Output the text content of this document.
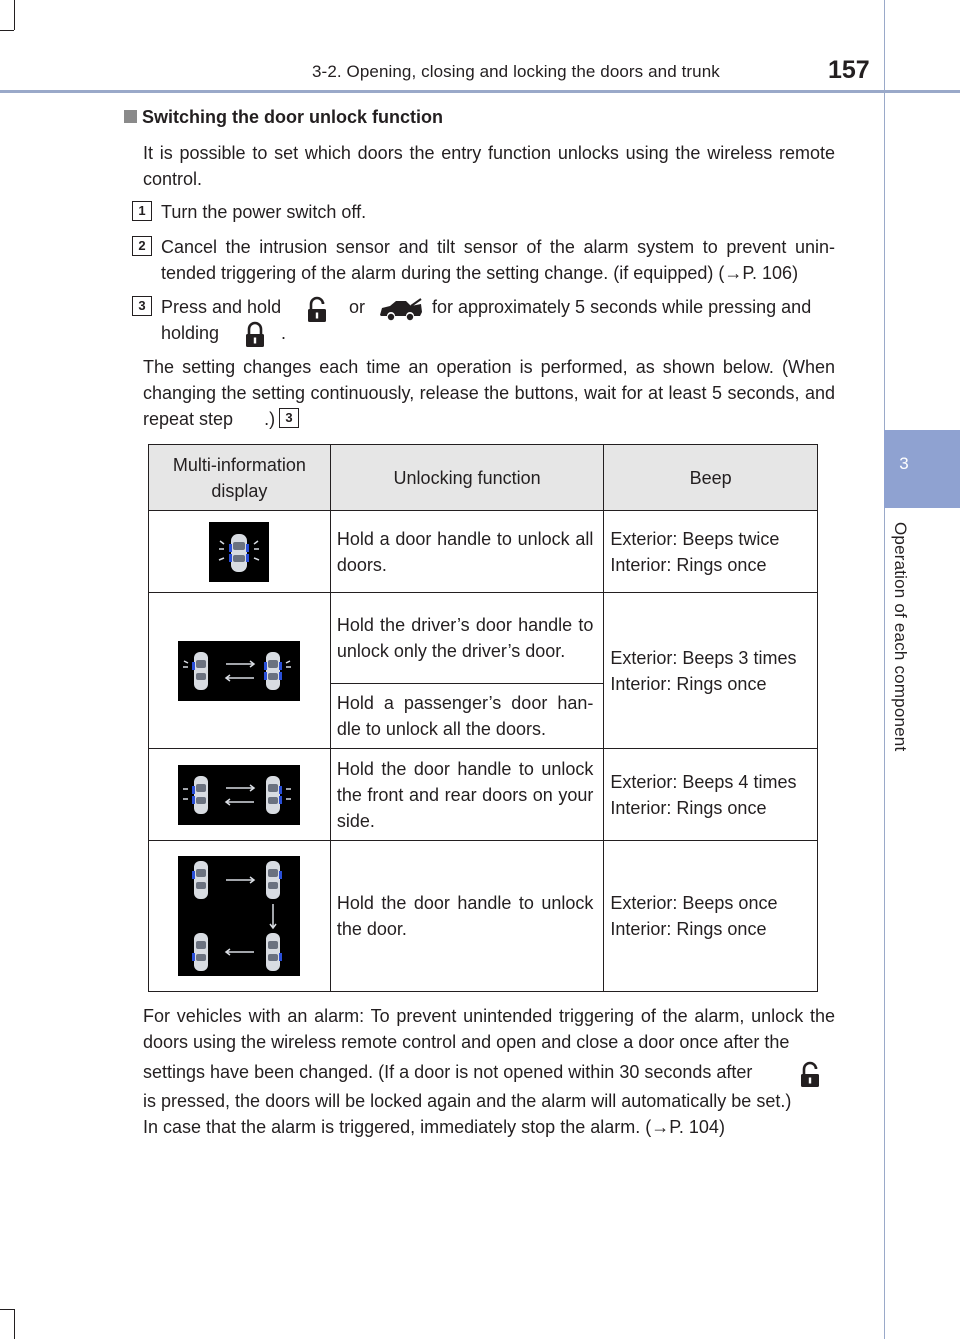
3-2. Opening, closing and locking the doors and trunk	157
3
Operation of each component
Switching the door unlock function
It is possible to set which doors the entry function unlocks using the wireless remote control.
1 Turn the power switch off.
2 Cancel the intrusion sensor and tilt sensor of the alarm system to prevent unin-tended triggering of the alarm during the setting change. (if equipped) (→P. 106)
3 Press and hold	or	for approximately 5 seconds while pressing and
holding	.
The setting changes each time an operation is performed, as shown below. (When changing the setting continuously, release the buttons, wait for at least 5 seconds, and repeat step .) 3
Multi-information display	Unlocking function	Beep

	Hold a door handle to unlock all doors.	Exterior: Beeps twice
Interior: Rings once

	Hold the driver’s door handle to unlock only the driver’s door.	Exterior: Beeps 3 times
Interior: Rings once

	Hold a passenger’s door han-dle to unlock all the doors.	

	Hold the door handle to unlock the front and rear doors on your side.	Exterior: Beeps 4 times
Interior: Rings once

	Hold the door handle to unlock the door.	Exterior: Beeps once
Interior: Rings once
For vehicles with an alarm: To prevent unintended triggering of the alarm, unlock the doors using the wireless remote control and open and close a door once after the
settings have been changed. (If a door is not opened within 30 seconds after
is pressed, the doors will be locked again and the alarm will automatically be set.)
In case that the alarm is triggered, immediately stop the alarm. (→P. 104)
